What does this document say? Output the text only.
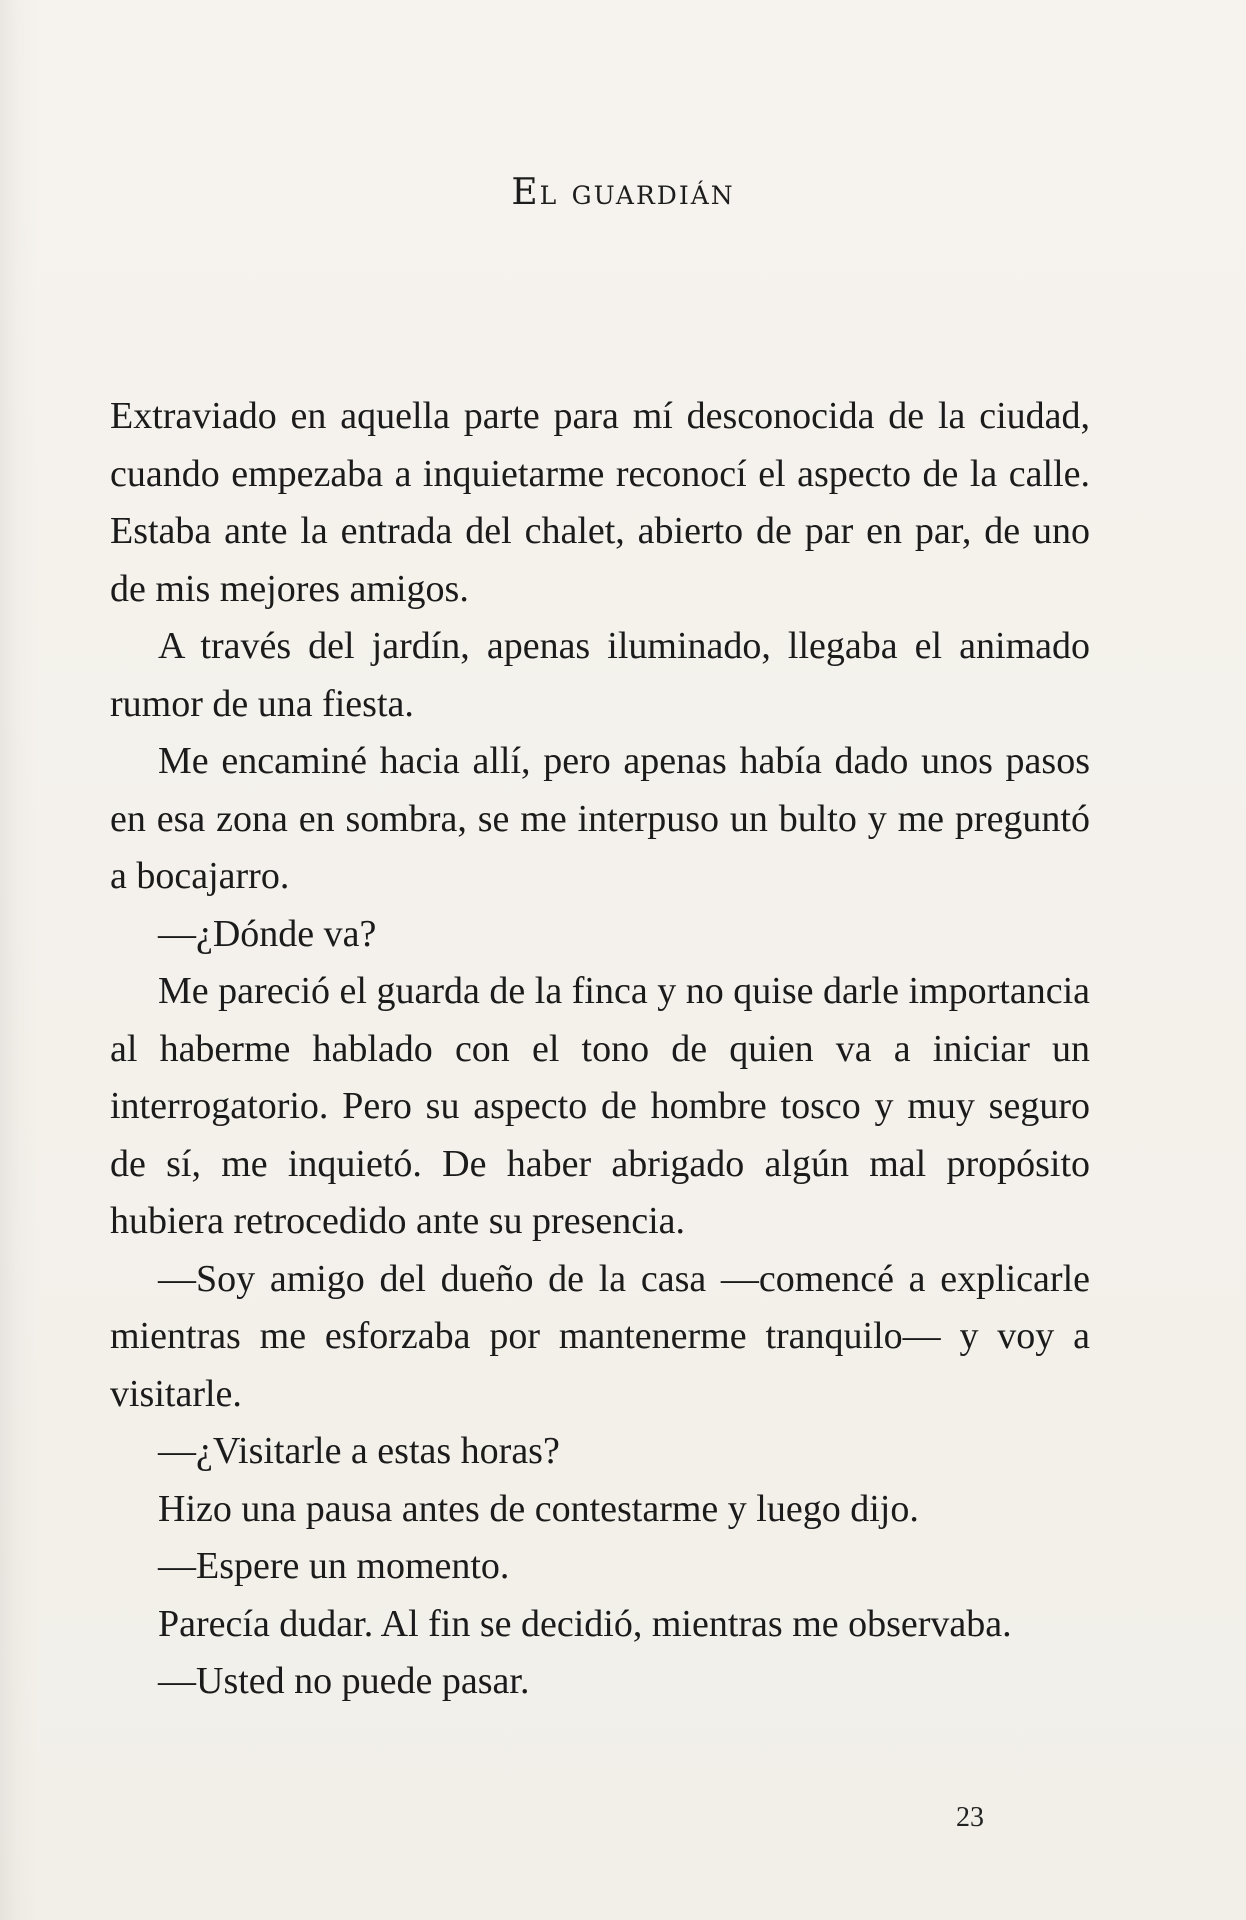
El guardián

Extraviado en aquella parte para mí desconocida de la ciudad, cuando empezaba a inquietarme reconocí el aspecto de la calle. Estaba ante la entrada del chalet, abierto de par en par, de uno de mis mejores amigos.

A través del jardín, apenas iluminado, llegaba el animado rumor de una fiesta.

Me encaminé hacia allí, pero apenas había dado unos pasos en esa zona en sombra, se me interpuso un bulto y me preguntó a bocajarro.

—¿Dónde va?

Me pareció el guarda de la finca y no quise darle importancia al haberme hablado con el tono de quien va a iniciar un interrogatorio. Pero su aspecto de hombre tosco y muy seguro de sí, me inquietó. De haber abrigado algún mal propósito hubiera retrocedido ante su presencia.

—Soy amigo del dueño de la casa —comencé a explicarle mientras me esforzaba por mantenerme tranquilo— y voy a visitarle.

—¿Visitarle a estas horas?

Hizo una pausa antes de contestarme y luego dijo.

—Espere un momento.

Parecía dudar. Al fin se decidió, mientras me observaba.

—Usted no puede pasar.

23
